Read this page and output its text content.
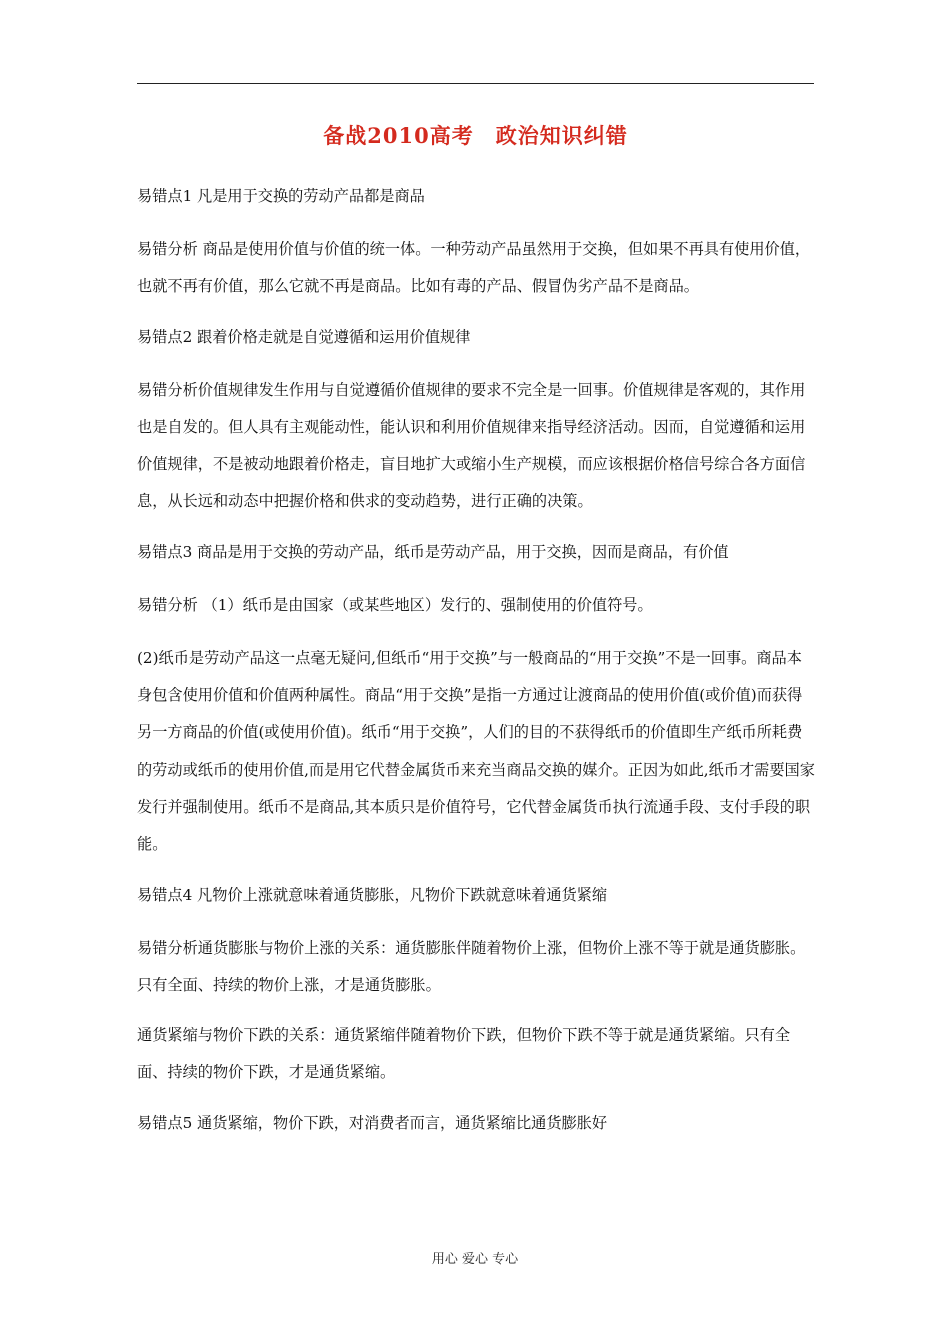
备战2010高考　政治知识纠错

易错点1 凡是用于交换的劳动产品都是商品

易错分析 商品是使用价值与价值的统一体。一种劳动产品虽然用于交换，但如果不再具有使用价值，也就不再有价值，那么它就不再是商品。比如有毒的产品、假冒伪劣产品不是商品。

易错点2 跟着价格走就是自觉遵循和运用价值规律

易错分析价值规律发生作用与自觉遵循价值规律的要求不完全是一回事。价值规律是客观的，其作用也是自发的。但人具有主观能动性，能认识和利用价值规律来指导经济活动。因而，自觉遵循和运用价值规律，不是被动地跟着价格走，盲目地扩大或缩小生产规模，而应该根据价格信号综合各方面信息，从长远和动态中把握价格和供求的变动趋势，进行正确的决策。

易错点3 商品是用于交换的劳动产品，纸币是劳动产品，用于交换，因而是商品，有价值

易错分析 （1）纸币是由国家（或某些地区）发行的、强制使用的价值符号。

(2)纸币是劳动产品这一点毫无疑问,但纸币“用于交换”与一般商品的“用于交换”不是一回事。商品本身包含使用价值和价值两种属性。商品“用于交换”是指一方通过让渡商品的使用价值(或价值)而获得另一方商品的价值(或使用价值)。纸币“用于交换”，人们的目的不获得纸币的价值即生产纸币所耗费的劳动或纸币的使用价值,而是用它代替金属货币来充当商品交换的媒介。正因为如此,纸币才需要国家发行并强制使用。纸币不是商品,其本质只是价值符号，它代替金属货币执行流通手段、支付手段的职能。

易错点4 凡物价上涨就意味着通货膨胀，凡物价下跌就意味着通货紧缩

易错分析通货膨胀与物价上涨的关系：通货膨胀伴随着物价上涨，但物价上涨不等于就是通货膨胀。只有全面、持续的物价上涨，才是通货膨胀。

通货紧缩与物价下跌的关系：通货紧缩伴随着物价下跌，但物价下跌不等于就是通货紧缩。只有全面、持续的物价下跌，才是通货紧缩。

易错点5 通货紧缩，物价下跌，对消费者而言，通货紧缩比通货膨胀好

用心 爱心 专心
